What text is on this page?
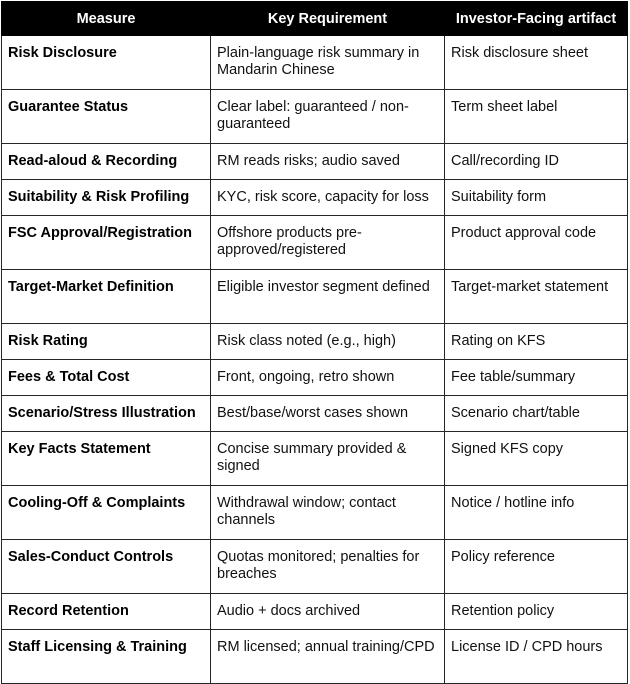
Measure	Key Requirement	Investor-Facing artifact
Risk Disclosure	Plain-language risk summary in Mandarin Chinese	Risk disclosure sheet
Guarantee Status	Clear label: guaranteed / non-guaranteed	Term sheet label
Read-aloud & Recording	RM reads risks; audio saved	Call/recording ID
Suitability & Risk Profiling	KYC, risk score, capacity for loss	Suitability form
FSC Approval/Registration	Offshore products pre-approved/registered	Product approval code
Target-Market Definition	Eligible investor segment defined	Target-market statement
Risk Rating	Risk class noted (e.g., high)	Rating on KFS
Fees & Total Cost	Front, ongoing, retro shown	Fee table/summary
Scenario/Stress Illustration	Best/base/worst cases shown	Scenario chart/table
Key Facts Statement	Concise summary provided & signed	Signed KFS copy
Cooling-Off & Complaints	Withdrawal window; contact channels	Notice / hotline info
Sales-Conduct Controls	Quotas monitored; penalties for breaches	Policy reference
Record Retention	Audio + docs archived	Retention policy
Staff Licensing & Training	RM licensed; annual training/CPD	License ID / CPD hours
